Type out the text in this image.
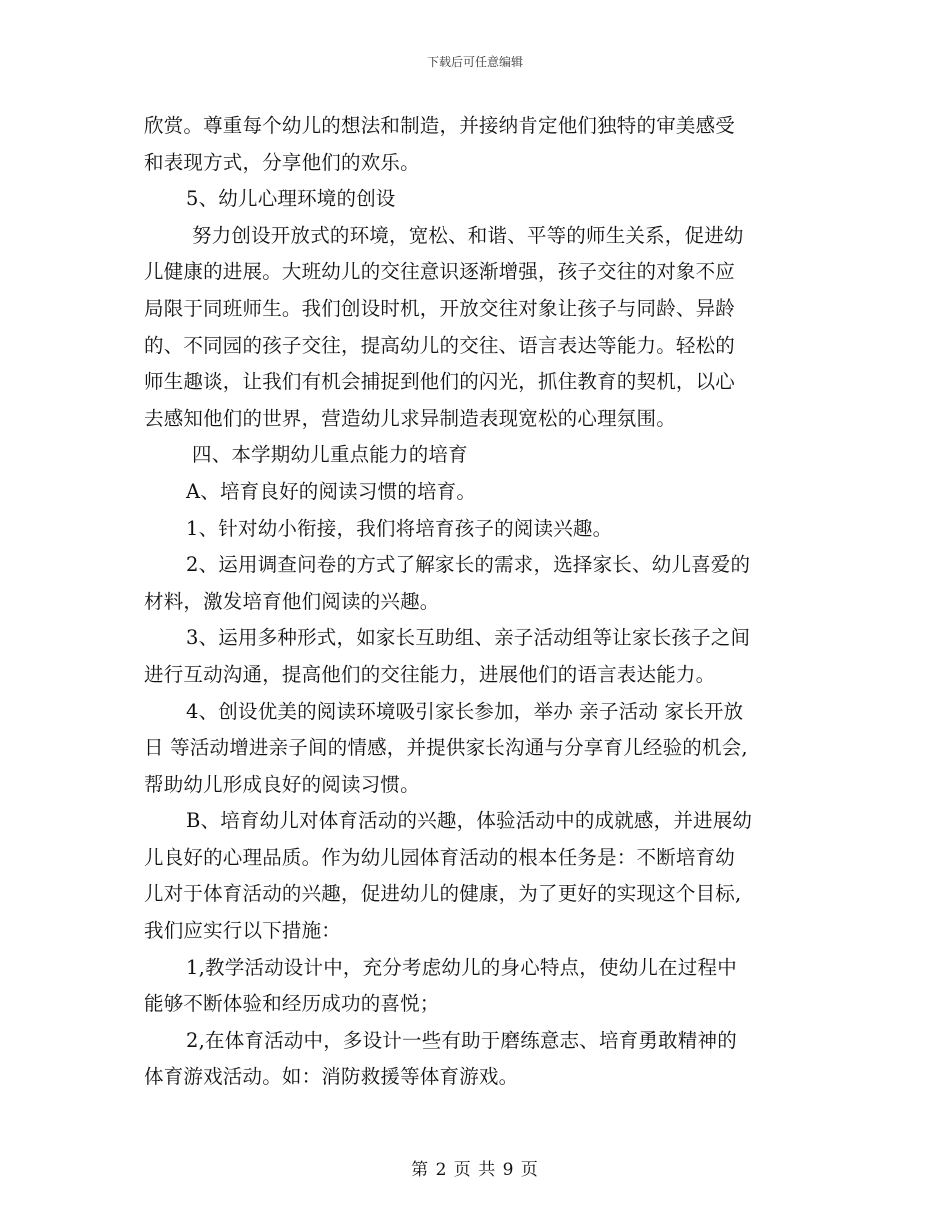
下载后可任意编辑
欣赏。尊重每个幼儿的想法和制造，并接纳肯定他们独特的审美感受
和表现方式，分享他们的欢乐。
5、幼儿心理环境的创设
努力创设开放式的环境，宽松、和谐、平等的师生关系，促进幼
儿健康的进展。大班幼儿的交往意识逐渐增强，孩子交往的对象不应
局限于同班师生。我们创设时机，开放交往对象让孩子与同龄、异龄
的、不同园的孩子交往，提高幼儿的交往、语言表达等能力。轻松的
师生趣谈，让我们有机会捕捉到他们的闪光，抓住教育的契机，以心
去感知他们的世界，营造幼儿求异制造表现宽松的心理氛围。
四、本学期幼儿重点能力的培育
A、培育良好的阅读习惯的培育。
1、针对幼小衔接，我们将培育孩子的阅读兴趣。
2、运用调查问卷的方式了解家长的需求，选择家长、幼儿喜爱的
材料，激发培育他们阅读的兴趣。
3、运用多种形式，如家长互助组、亲子活动组等让家长孩子之间
进行互动沟通，提高他们的交往能力，进展他们的语言表达能力。
4、创设优美的阅读环境吸引家长参加，举办 亲子活动 家长开放
日 等活动增进亲子间的情感，并提供家长沟通与分享育儿经验的机会,
帮助幼儿形成良好的阅读习惯。
B、培育幼儿对体育活动的兴趣，体验活动中的成就感，并进展幼
儿良好的心理品质。作为幼儿园体育活动的根本任务是：不断培育幼
儿对于体育活动的兴趣，促进幼儿的健康，为了更好的实现这个目标,
我们应实行以下措施：
1,教学活动设计中，充分考虑幼儿的身心特点，使幼儿在过程中
能够不断体验和经历成功的喜悦；
2,在体育活动中，多设计一些有助于磨练意志、培育勇敢精神的
体育游戏活动。如：消防救援等体育游戏。
第 2 页 共 9 页
